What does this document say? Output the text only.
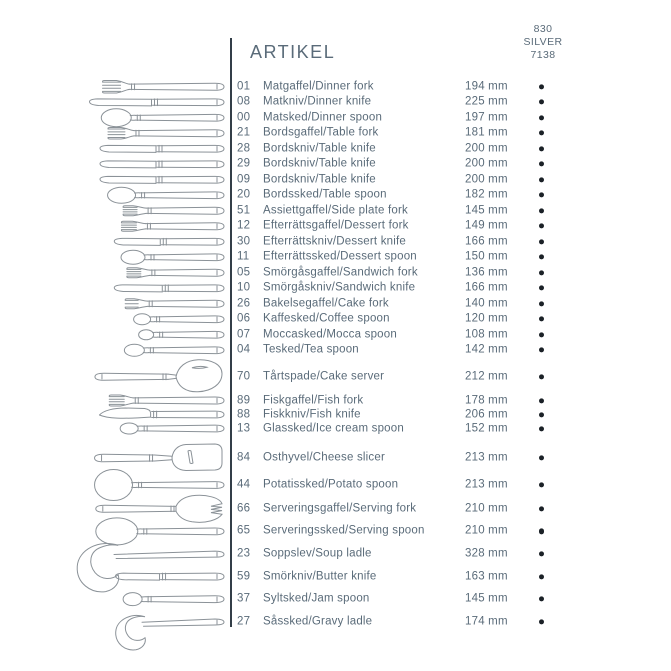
ARTIKEL
830
SILVER
7138
01	Matgaffel/Dinner fork	194 mm
08	Matkniv/Dinner knife	225 mm
00	Matsked/Dinner spoon	197 mm
21	Bordsgaffel/Table fork	181 mm
28	Bordskniv/Table knife	200 mm
29	Bordskniv/Table knife	200 mm
09	Bordskniv/Table knife	200 mm
20	Bordssked/Table spoon	182 mm
51	Assiettgaffel/Side plate fork	145 mm
12	Efterrättsgaffel/Dessert fork	149 mm
30	Efterrättskniv/Dessert knife	166 mm
11	Efterrättssked/Dessert spoon	150 mm
05	Smörgåsgaffel/Sandwich fork	136 mm
10	Smörgåskniv/Sandwich knife	166 mm
26	Bakelsegaffel/Cake fork	140 mm
06	Kaffesked/Coffee spoon	120 mm
07	Moccasked/Mocca spoon	108 mm
04	Tesked/Tea spoon	142 mm
70	Tårtspade/Cake server	212 mm
89	Fiskgaffel/Fish fork	178 mm
88	Fiskkniv/Fish knife	206 mm
13	Glassked/Ice cream spoon	152 mm
84	Osthyvel/Cheese slicer	213 mm
44	Potatissked/Potato spoon	213 mm
66	Serveringsgaffel/Serving fork	210 mm
65	Serveringssked/Serving spoon	210 mm
23	Soppslev/Soup ladle	328 mm
59	Smörkniv/Butter knife	163 mm
37	Syltsked/Jam spoon	145 mm
27	Såssked/Gravy ladle	174 mm
